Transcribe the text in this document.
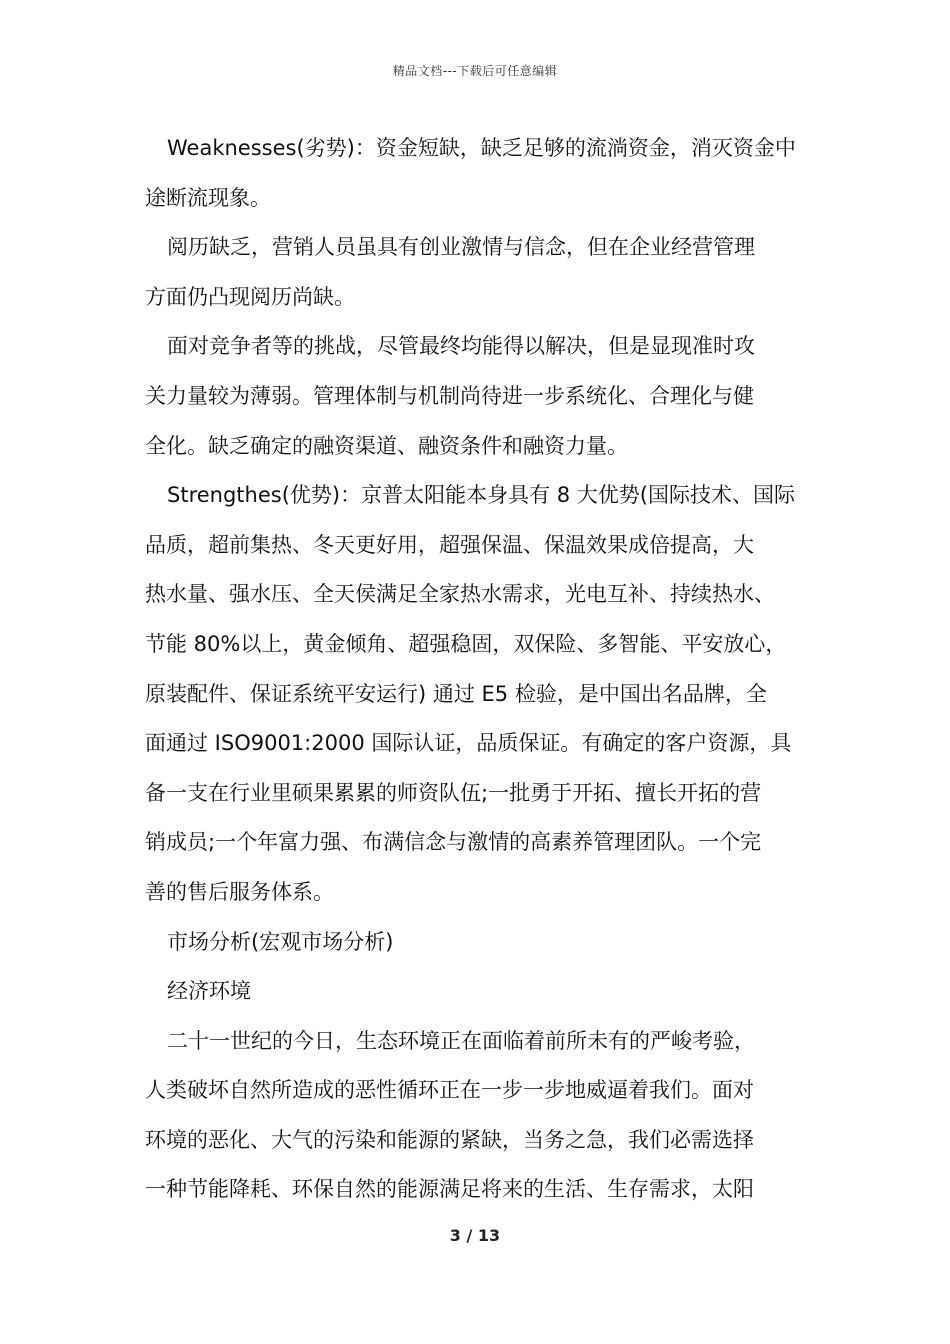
精品文档---下载后可任意编辑
Weaknesses(劣势)：资金短缺，缺乏足够的流淌资金，消灭资金中
途断流现象。
阅历缺乏，营销人员虽具有创业激情与信念，但在企业经营管理
方面仍凸现阅历尚缺。
面对竞争者等的挑战，尽管最终均能得以解决，但是显现准时攻
关力量较为薄弱。管理体制与机制尚待进一步系统化、合理化与健
全化。缺乏确定的融资渠道、融资条件和融资力量。
Strengthes(优势)：京普太阳能本身具有 8 大优势(国际技术、国际
品质，超前集热、冬天更好用，超强保温、保温效果成倍提高，大
热水量、强水压、全天侯满足全家热水需求，光电互补、持续热水、
节能 80%以上，黄金倾角、超强稳固，双保险、多智能、平安放心，
原装配件、保证系统平安运行) 通过 E5 检验，是中国出名品牌，全
面通过 ISO9001:2000 国际认证，品质保证。有确定的客户资源，具
备一支在行业里硕果累累的师资队伍;一批勇于开拓、擅长开拓的营
销成员;一个年富力强、布满信念与激情的高素养管理团队。一个完
善的售后服务体系。
市场分析(宏观市场分析)
经济环境
二十一世纪的今日，生态环境正在面临着前所未有的严峻考验，
人类破坏自然所造成的恶性循环正在一步一步地威逼着我们。面对
环境的恶化、大气的污染和能源的紧缺，当务之急，我们必需选择
一种节能降耗、环保自然的能源满足将来的生活、生存需求，太阳
3 / 13
